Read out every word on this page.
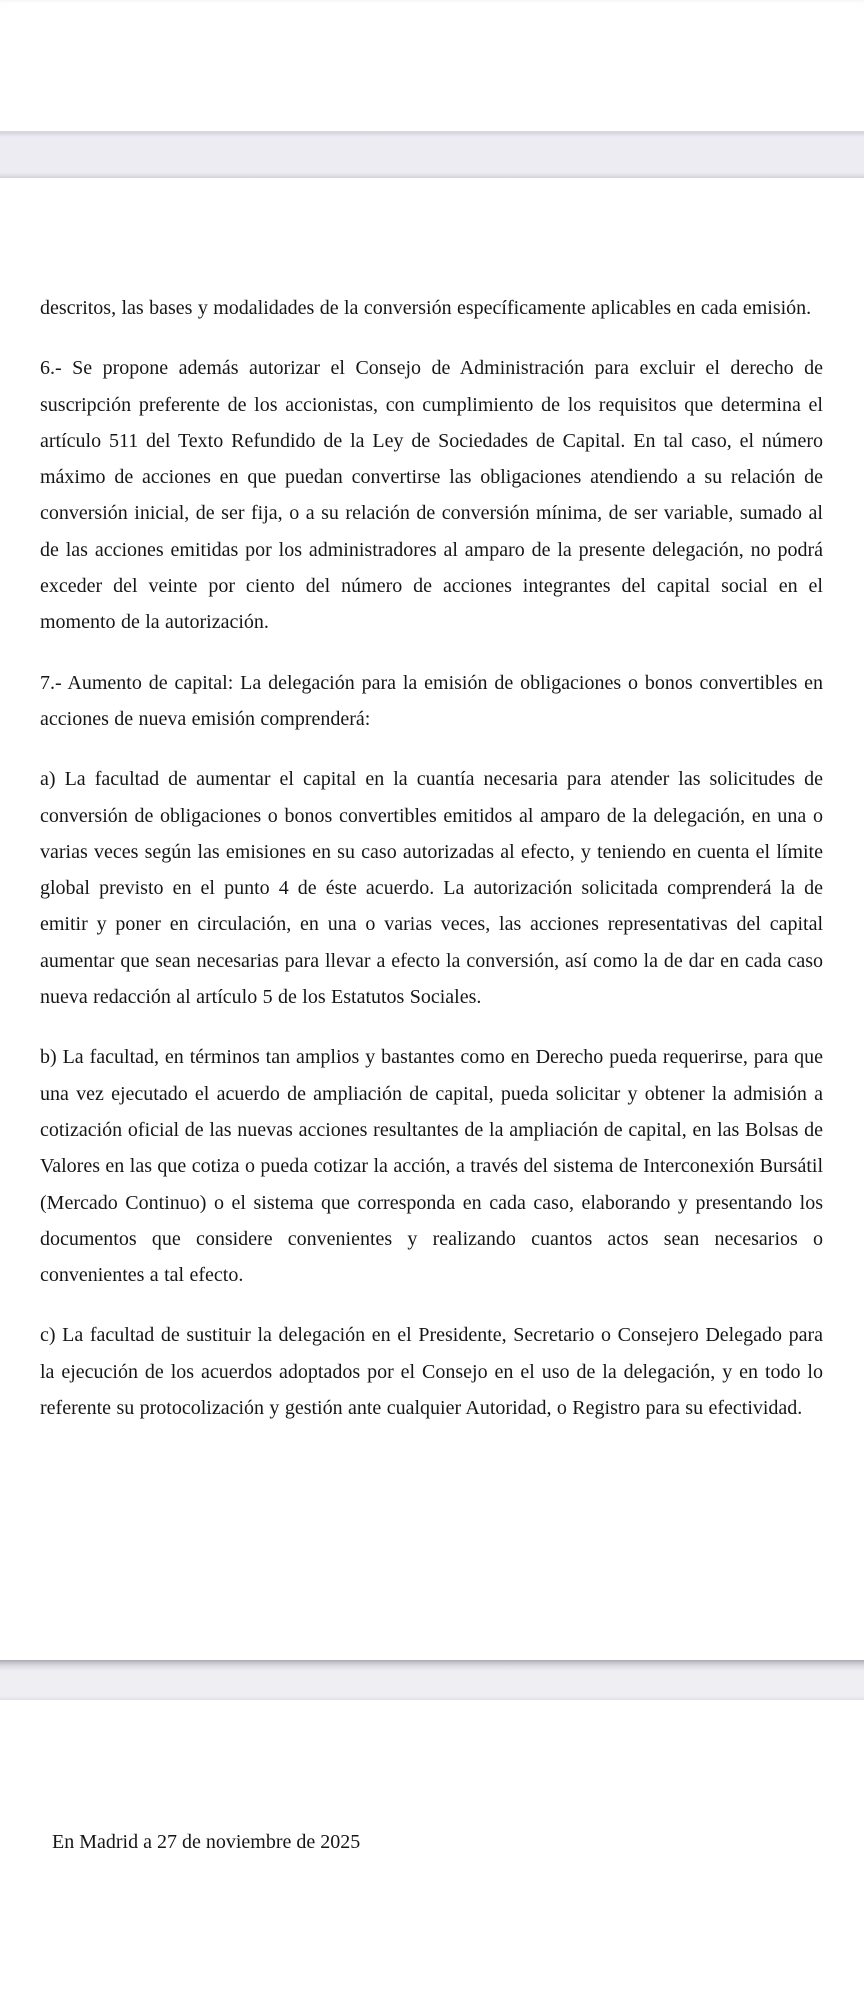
descritos, las bases y modalidades de la conversión específicamente aplicables en cada emisión.

6.- Se propone además autorizar el Consejo de Administración para excluir el derecho de suscripción preferente de los accionistas, con cumplimiento de los requisitos que determina el artículo 511 del Texto Refundido de la Ley de Sociedades de Capital. En tal caso, el número máximo de acciones en que puedan convertirse las obligaciones atendiendo a su relación de conversión inicial, de ser fija, o a su relación de conversión mínima, de ser variable, sumado al de las acciones emitidas por los administradores al amparo de la presente delegación, no podrá exceder del veinte por ciento del número de acciones integrantes del capital social en el momento de la autorización.

7.- Aumento de capital: La delegación para la emisión de obligaciones o bonos convertibles en acciones de nueva emisión comprenderá:

a) La facultad de aumentar el capital en la cuantía necesaria para atender las solicitudes de conversión de obligaciones o bonos convertibles emitidos al amparo de la delegación, en una o varias veces según las emisiones en su caso autorizadas al efecto, y teniendo en cuenta el límite global previsto en el punto 4 de éste acuerdo. La autorización solicitada comprenderá la de emitir y poner en circulación, en una o varias veces, las acciones representativas del capital aumentar que sean necesarias para llevar a efecto la conversión, así como la de dar en cada caso nueva redacción al artículo 5 de los Estatutos Sociales.

b) La facultad, en términos tan amplios y bastantes como en Derecho pueda requerirse, para que una vez ejecutado el acuerdo de ampliación de capital, pueda solicitar y obtener la admisión a cotización oficial de las nuevas acciones resultantes de la ampliación de capital, en las Bolsas de Valores en las que cotiza o pueda cotizar la acción, a través del sistema de Interconexión Bursátil (Mercado Continuo) o el sistema que corresponda en cada caso, elaborando y presentando los documentos que considere convenientes y realizando cuantos actos sean necesarios o convenientes a tal efecto.

c) La facultad de sustituir la delegación en el Presidente, Secretario o Consejero Delegado para la ejecución de los acuerdos adoptados por el Consejo en el uso de la delegación, y en todo lo referente su protocolización y gestión ante cualquier Autoridad, o Registro para su efectividad.

En Madrid a 27 de noviembre de 2025
